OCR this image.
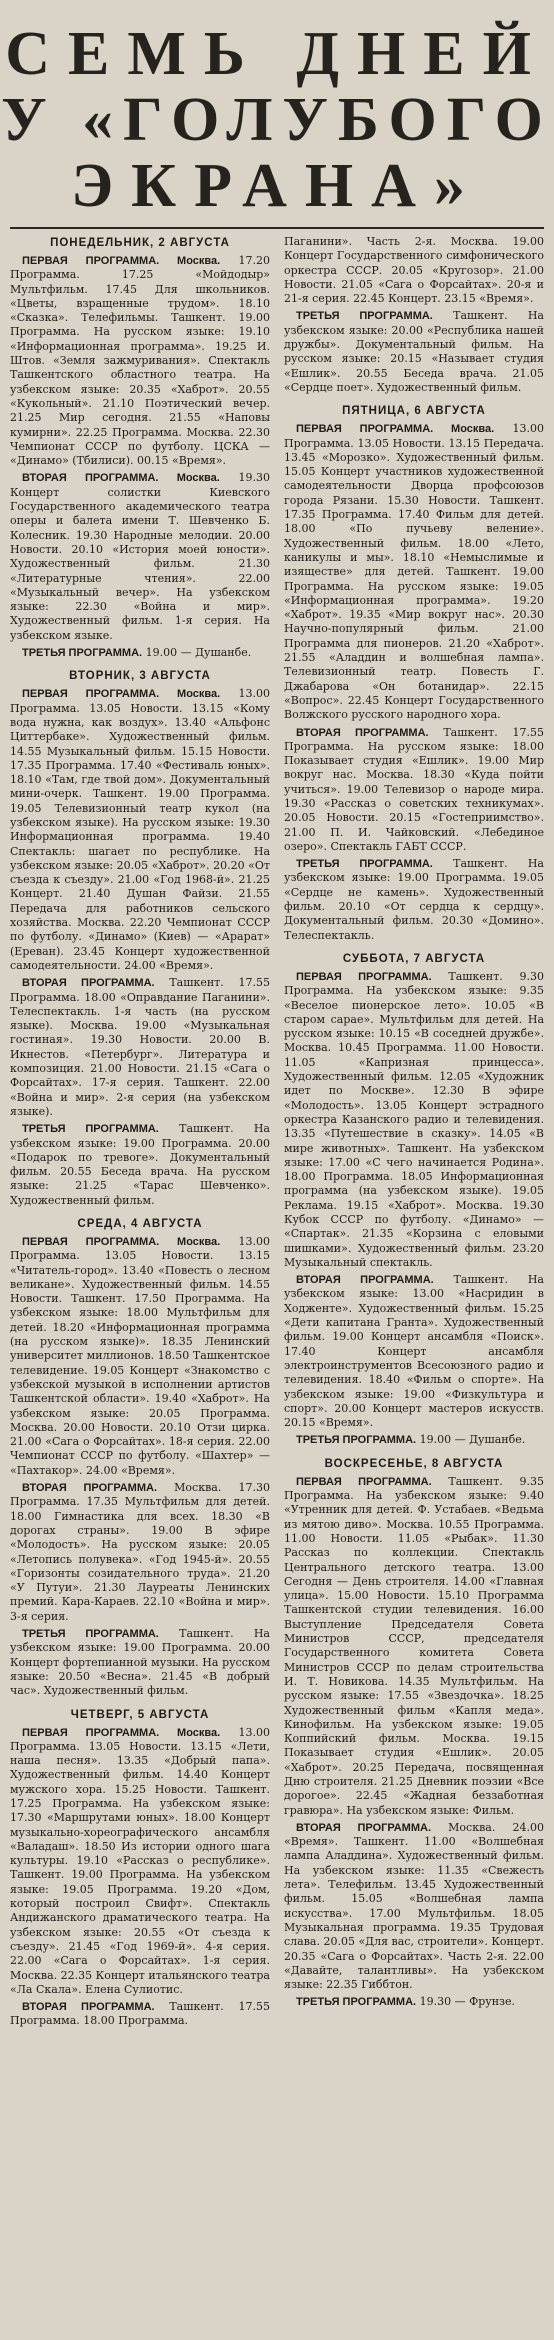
СЕМЬ ДНЕЙ
У «ГОЛУБОГО
ЭКРАНА»
ПОНЕДЕЛЬНИК, 2 АВГУСТА

ПЕРВАЯ ПРОГРАММА. Москва. 17.20 Программа. 17.25 «Мойдодыр» Мультфильм. 17.45 Для школьников. «Цветы, взращенные трудом». 18.10 «Сказка». Телефильмы. Ташкент. 19.00 Программа. На русском языке: 19.10 «Информационная программа». 19.25 И. Штов. «Земля зажмуривания». Спектакль Ташкентского областного театра. На узбекском языке: 20.35 «Хаброт». 20.55 «Кукольный». 21.10 Поэтический вечер. 21.25 Мир сегодня. 21.55 «Наповы кумирни». 22.25 Программа. Москва. 22.30 Чемпионат СССР по футболу. ЦСКА — «Динамо» (Тбилиси). 00.15 «Время».

ВТОРАЯ ПРОГРАММА. Москва. 19.30 Концерт солистки Киевского Государственного академического театра оперы и балета имени Т. Шевченко Б. Колесник. 19.30 Народные мелодии. 20.00 Новости. 20.10 «История моей юности». Художественный фильм. 21.30 «Литературные чтения». 22.00 «Музыкальный вечер». На узбекском языке: 22.30 «Война и мир». Художественный фильм. 1-я серия. На узбекском языке.

ТРЕТЬЯ ПРОГРАММА. 19.00 — Душанбе.

ВТОРНИК, 3 АВГУСТА

ПЕРВАЯ ПРОГРАММА. Москва. 13.00 Программа. 13.05 Новости. 13.15 «Кому вода нужна, как воздух». 13.40 «Альфонс Циттербаке». Художественный фильм. 14.55 Музыкальный фильм. 15.15 Новости. 17.35 Программа. 17.40 «Фестиваль юных». 18.10 «Там, где твой дом». Документальный мини-очерк. Ташкент. 19.00 Программа. 19.05 Телевизионный театр кукол (на узбекском языке). На русском языке: 19.30 Информационная программа. 19.40 Спектакль: шагает по республике. На узбекском языке: 20.05 «Хаброт». 20.20 «От съезда к съезду». 21.00 «Год 1968-й». 21.25 Концерт. 21.40 Душан Файзи. 21.55 Передача для работников сельского хозяйства. Москва. 22.20 Чемпионат СССР по футболу. «Динамо» (Киев) — «Арарат» (Ереван). 23.45 Концерт художественной самодеятельности. 24.00 «Время».

ВТОРАЯ ПРОГРАММА. Ташкент. 17.55 Программа. 18.00 «Оправдание Паганини». Телеспектакль. 1-я часть (на русском языке). Москва. 19.00 «Музыкальная гостиная». 19.30 Новости. 20.00 В. Икнестов. «Петербург». Литература и композиция. 21.00 Новости. 21.15 «Сага о Форсайтах». 17-я серия. Ташкент. 22.00 «Война и мир». 2-я серия (на узбекском языке).

ТРЕТЬЯ ПРОГРАММА. Ташкент. На узбекском языке: 19.00 Программа. 20.00 «Подарок по тревоге». Документальный фильм. 20.55 Беседа врача. На русском языке: 21.25 «Тарас Шевченко». Художественный фильм.

СРЕДА, 4 АВГУСТА

ПЕРВАЯ ПРОГРАММА. Москва. 13.00 Программа. 13.05 Новости. 13.15 «Читатель-город». 13.40 «Повесть о лесном великане». Художественный фильм. 14.55 Новости. Ташкент. 17.50 Программа. На узбекском языке: 18.00 Мультфильм для детей. 18.20 «Информационная программа (на русском языке)». 18.35 Ленинский университет миллионов. 18.50 Ташкентское телевидение. 19.05 Концерт «Знакомство с узбекской музыкой в исполнении артистов Ташкентской области». 19.40 «Хаброт». На узбекском языке: 20.05 Программа. Москва. 20.00 Новости. 20.10 Отзи цирка. 21.00 «Сага о Форсайтах». 18-я серия. 22.00 Чемпионат СССР по футболу. «Шахтер» — «Пахтакор». 24.00 «Время».

ВТОРАЯ ПРОГРАММА. Москва. 17.30 Программа. 17.35 Мультфильм для детей. 18.00 Гимнастика для всех. 18.30 «В дорогах страны». 19.00 В эфире «Молодость». На русском языке: 20.05 «Летопись полувека». «Год 1945-й». 20.55 «Горизонты созидательного труда». 21.20 «У Путуи». 21.30 Лауреаты Ленинских премий. Кара-Караев. 22.10 «Война и мир». 3-я серия.

ТРЕТЬЯ ПРОГРАММА. Ташкент. На узбекском языке: 19.00 Программа. 20.00 Концерт фортепианной музыки. На русском языке: 20.50 «Весна». 21.45 «В добрый час». Художественный фильм.

ЧЕТВЕРГ, 5 АВГУСТА

ПЕРВАЯ ПРОГРАММА. Москва. 13.00 Программа. 13.05 Новости. 13.15 «Лети, наша песня». 13.35 «Добрый папа». Художественный фильм. 14.40 Концерт мужского хора. 15.25 Новости. Ташкент. 17.25 Программа. На узбекском языке: 17.30 «Маршрутами юных». 18.00 Концерт музыкально-хореографического ансамбля «Валадаш». 18.50 Из истории одного шага культуры. 19.10 «Рассказ о республике». Ташкент. 19.00 Программа. На узбекском языке: 19.05 Программа. 19.20 «Дом, который построил Свифт». Спектакль Андижанского драматического театра. На узбекском языке: 20.55 «От съезда к съезду». 21.45 «Год 1969-й». 4-я серия. 22.00 «Сага о Форсайтах». 1-я серия. Москва. 22.35 Концерт итальянского театра «Ла Скала». Елена Сулиотис.

ВТОРАЯ ПРОГРАММА. Ташкент. 17.55 Программа. 18.00 Программа.

Паганини». Часть 2-я. Москва. 19.00 Концерт Государственного симфонического оркестра СССР. 20.05 «Кругозор». 21.00 Новости. 21.05 «Сага о Форсайтах». 20-я и 21-я серия. 22.45 Концерт. 23.15 «Время».

ТРЕТЬЯ ПРОГРАММА. Ташкент. На узбекском языке: 20.00 «Республика нашей дружбы». Документальный фильм. На русском языке: 20.15 «Называет студия «Ешлик». 20.55 Беседа врача. 21.05 «Сердце поет». Художественный фильм.

ПЯТНИЦА, 6 АВГУСТА

ПЕРВАЯ ПРОГРАММА. Москва. 13.00 Программа. 13.05 Новости. 13.15 Передача. 13.45 «Морозко». Художественный фильм. 15.05 Концерт участников художественной самодеятельности Дворца профсоюзов города Рязани. 15.30 Новости. Ташкент. 17.35 Программа. 17.40 Фильм для детей. 18.00 «По пучьеву веление». Художественный фильм. 18.00 «Лето, каникулы и мы». 18.10 «Немыслимые и изяществе» для детей. Ташкент. 19.00 Программа. На русском языке: 19.05 «Информационная программа». 19.20 «Хаброт». 19.35 «Мир вокруг нас». 20.30 Научно-популярный фильм. 21.00 Программа для пионеров. 21.20 «Хаброт». 21.55 «Аладдин и волшебная лампа». Телевизионный театр. Повесть Г. Джабарова «Он ботанидар». 22.15 «Вопрос». 22.45 Концерт Государственного Волжского русского народного хора.

ВТОРАЯ ПРОГРАММА. Ташкент. 17.55 Программа. На русском языке: 18.00 Показывает студия «Ешлик». 19.00 Мир вокруг нас. Москва. 18.30 «Куда пойти учиться». 19.00 Телевизор о народе мира. 19.30 «Рассказ о советских техникумах». 20.05 Новости. 20.15 «Гостеприимство». 21.00 П. И. Чайковский. «Лебединое озеро». Спектакль ГАБТ СССР.

ТРЕТЬЯ ПРОГРАММА. Ташкент. На узбекском языке: 19.00 Программа. 19.05 «Сердце не камень». Художественный фильм. 20.10 «От сердца к сердцу». Документальный фильм. 20.30 «Домино». Телеспектакль.

СУББОТА, 7 АВГУСТА

ПЕРВАЯ ПРОГРАММА. Ташкент. 9.30 Программа. На узбекском языке: 9.35 «Веселое пионерское лето». 10.05 «В старом сарае». Мультфильм для детей. На русском языке: 10.15 «В соседней дружбе». Москва. 10.45 Программа. 11.00 Новости. 11.05 «Капризная принцесса». Художественный фильм. 12.05 «Художник идет по Москве». 12.30 В эфире «Молодость». 13.05 Концерт эстрадного оркестра Казанского радио и телевидения. 13.35 «Путешествие в сказку». 14.05 «В мире животных». Ташкент. На узбекском языке: 17.00 «С чего начинается Родина». 18.00 Программа. 18.05 Информационная программа (на узбекском языке). 19.05 Реклама. 19.15 «Хаброт». Москва. 19.30 Кубок СССР по футболу. «Динамо» — «Спартак». 21.35 «Корзина с еловыми шишками». Художественный фильм. 23.20 Музыкальный спектакль.

ВТОРАЯ ПРОГРАММА. Ташкент. На узбекском языке: 13.00 «Насридин в Ходженте». Художественный фильм. 15.25 «Дети капитана Гранта». Художественный фильм. 19.00 Концерт ансамбля «Поиск». 17.40 Концерт ансамбля электроинструментов Всесоюзного радио и телевидения. 18.40 «Фильм о спорте». На узбекском языке: 19.00 «Физкультура и спорт». 20.00 Концерт мастеров искусств. 20.15 «Время».

ТРЕТЬЯ ПРОГРАММА. 19.00 — Душанбе.

ВОСКРЕСЕНЬЕ, 8 АВГУСТА

ПЕРВАЯ ПРОГРАММА. Ташкент. 9.35 Программа. На узбекском языке: 9.40 «Утренник для детей. Ф. Устабаев. «Ведьма из мятою диво». Москва. 10.55 Программа. 11.00 Новости. 11.05 «Рыбак». 11.30 Рассказ по коллекции. Спектакль Центрального детского театра. 13.00 Сегодня — День строителя. 14.00 «Главная улица». 15.00 Новости. 15.10 Программа Ташкентской студии телевидения. 16.00 Выступление Председателя Совета Министров СССР, председателя Государственного комитета Совета Министров СССР по делам строительства И. Т. Новикова. 14.35 Мультфильм. На русском языке: 17.55 «Звездочка». 18.25 Художественный фильм «Капля меда». Кинофильм. На узбекском языке: 19.05 Коппийский фильм. Москва. 19.15 Показывает студия «Ешлик». 20.05 «Хаброт». 20.25 Передача, посвященная Дню строителя. 21.25 Дневник поэзии «Все дорогое». 22.45 «Жадная беззаботная гравюра». На узбекском языке: Фильм.

ВТОРАЯ ПРОГРАММА. Москва. 24.00 «Время». Ташкент. 11.00 «Волшебная лампа Аладдина». Художественный фильм. На узбекском языке: 11.35 «Свежесть лета». Телефильм. 13.45 Художественный фильм. 15.05 «Волшебная лампа искусства». 17.00 Мультфильм. 18.05 Музыкальная программа. 19.35 Трудовая слава. 20.05 «Для вас, строители». Концерт. 20.35 «Сага о Форсайтах». Часть 2-я. 22.00 «Давайте, талантливы». На узбекском языке: 22.35 Гиббтон.

ТРЕТЬЯ ПРОГРАММА. 19.30 — Фрунзе.
